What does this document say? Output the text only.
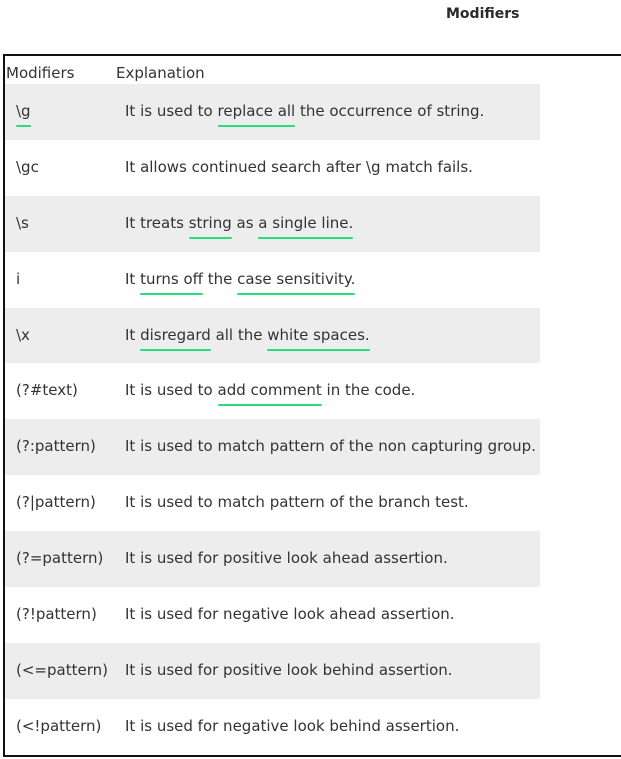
Modifiers
Modifiers	Explanation
\g	It is used to replace all the occurrence of string.
\gc	It allows continued search after \g match fails.
\s	It treats string as a single line.
i	It turns off the case sensitivity.
\x	It disregard all the white spaces.
(?#text)	It is used to add comment in the code.
(?:pattern) It is used to match pattern of the non capturing group.
(?|pattern) It is used to match pattern of the branch test.
(?=pattern) It is used for positive look ahead assertion.
(?!pattern) It is used for negative look ahead assertion.
(<=pattern) It is used for positive look behind assertion.
(<!pattern) It is used for negative look behind assertion.
